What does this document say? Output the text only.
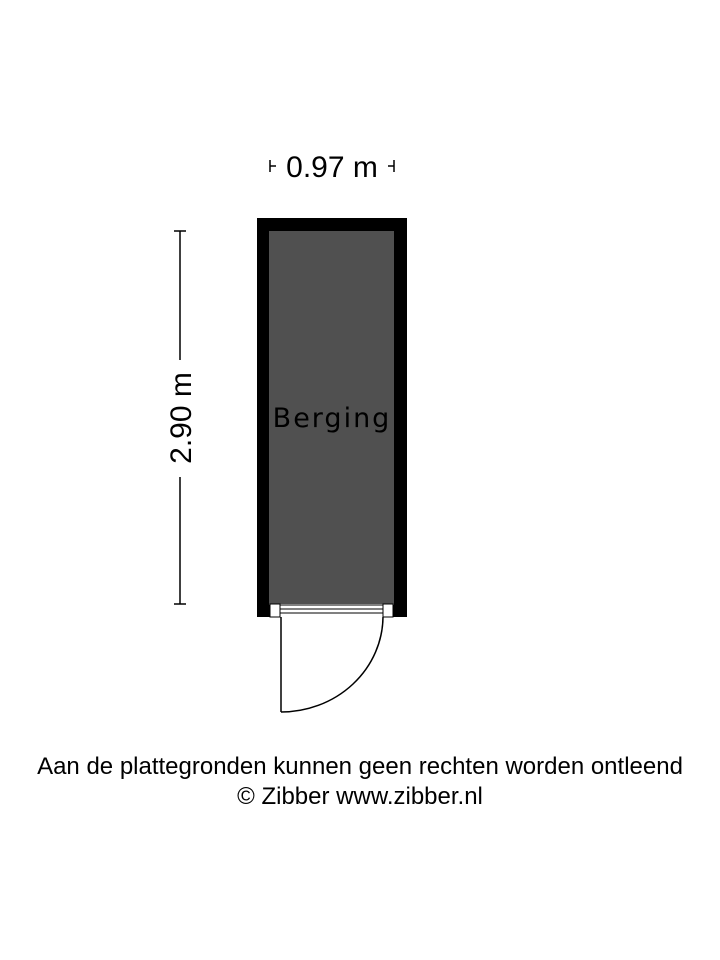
0.97 m
2.90 m	Berging
Aan de plattegronden kunnen geen rechten worden ontleend
© Zibber www.zibber.nl
